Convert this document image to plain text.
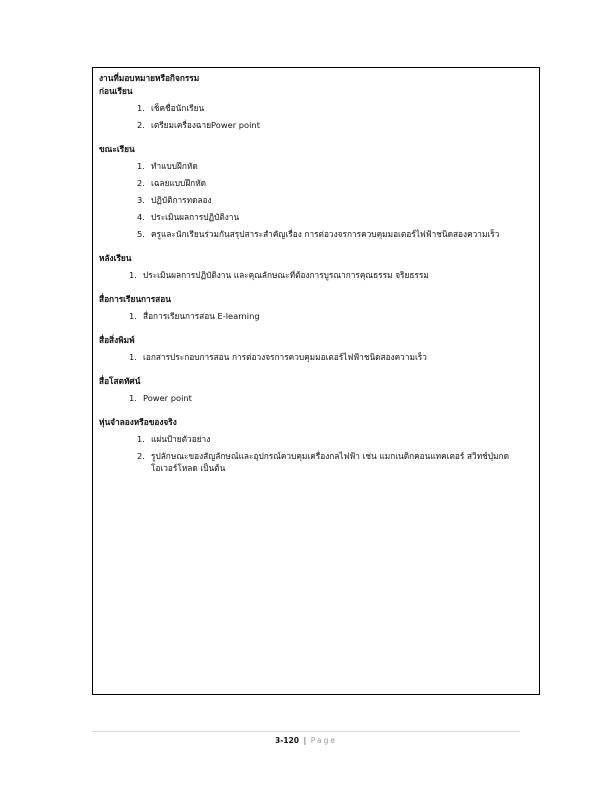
งานที่มอบหมายหรือกิจกรรม
ก่อนเรียน
1. เช็คชื่อนักเรียน
2. เตรียมเครื่องฉายPower point
ขณะเรียน
1. ทำแบบฝึกหัด
2. เฉลยแบบฝึกหัด
3. ปฏิบัติการทดลอง
4. ประเมินผลการปฏิบัติงาน
5. ครูและนักเรียนร่วมกันสรุปสาระสำคัญเรื่อง การต่อวงจรการควบคุมมอเตอร์ไฟฟ้าชนิดสองความเร็ว
หลังเรียน
1. ประเมินผลการปฏิบัติงาน และคุณลักษณะที่ต้องการบูรณาการคุณธรรม จริยธรรม
สื่อการเรียนการสอน
1. สื่อการเรียนการสอน E-learning
สื่อสิ่งพิมพ์
1. เอกสารประกอบการสอน การต่อวงจรการควบคุมมอเตอร์ไฟฟ้าชนิดสองความเร็ว
สื่อโสตทัศน์
1. Power point
หุ่นจำลองหรือของจริง
1. แผ่นป้ายตัวอย่าง
2. รูปลักษณะของสัญลักษณ์และอุปกรณ์ควบคุมเครื่องกลไฟฟ้า เช่น แมกเนติกคอนแทคเตอร์ สวิทช์ปุ่มกด โอเวอร์โหลด เป็นต้น
3-120 | Page
